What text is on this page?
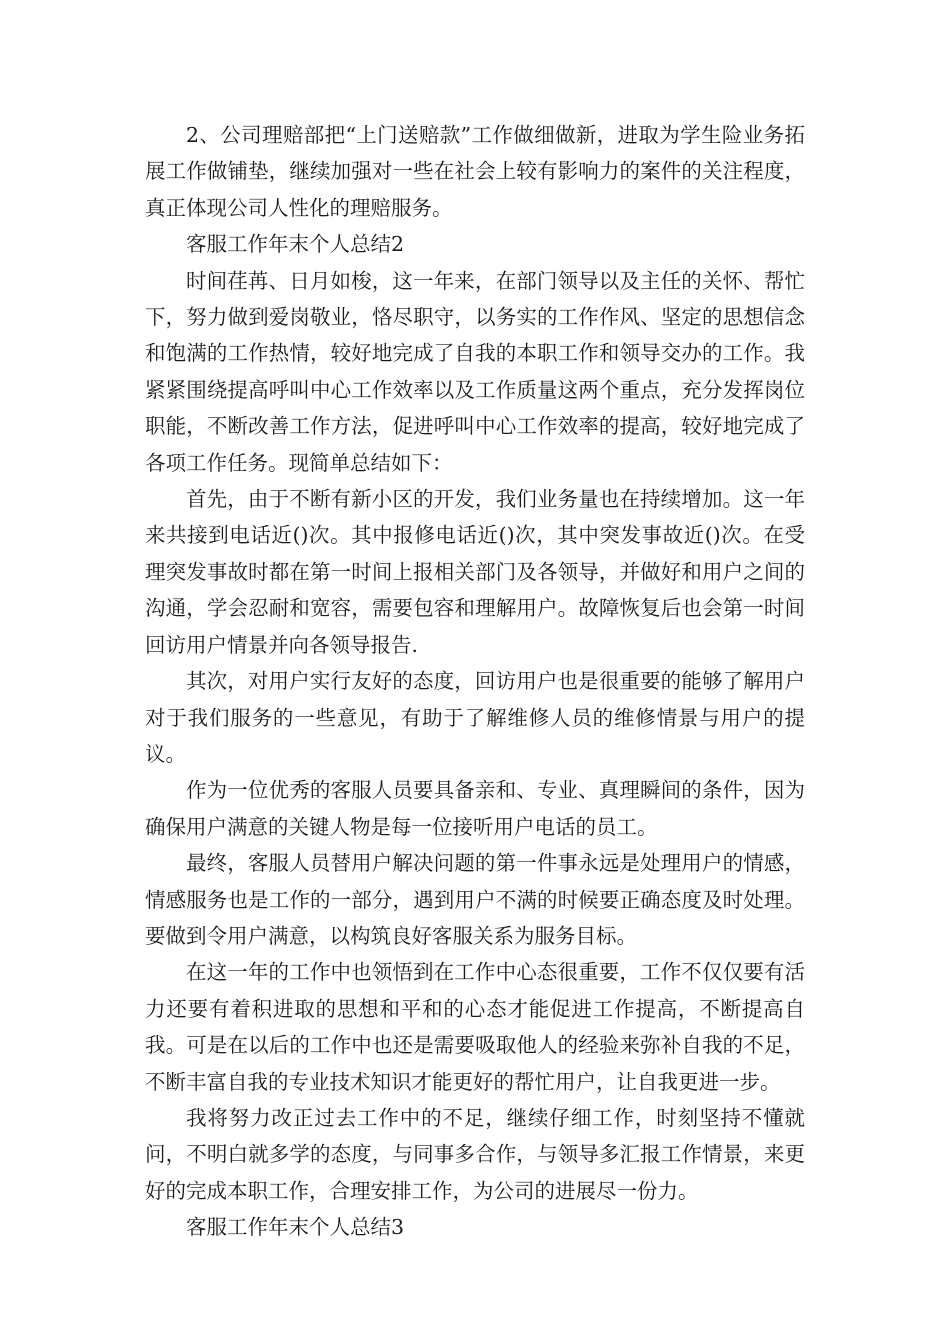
2、公司理赔部把“上门送赔款”工作做细做新，进取为学生险业务拓展工作做铺垫，继续加强对一些在社会上较有影响力的案件的关注程度，真正体现公司人性化的理赔服务。

客服工作年末个人总结2

时间荏苒、日月如梭，这一年来，在部门领导以及主任的关怀、帮忙下，努力做到爱岗敬业，恪尽职守，以务实的工作作风、坚定的思想信念和饱满的工作热情，较好地完成了自我的本职工作和领导交办的工作。我紧紧围绕提高呼叫中心工作效率以及工作质量这两个重点，充分发挥岗位职能，不断改善工作方法，促进呼叫中心工作效率的提高，较好地完成了各项工作任务。现简单总结如下：

首先，由于不断有新小区的开发，我们业务量也在持续增加。这一年来共接到电话近()次。其中报修电话近()次，其中突发事故近()次。在受理突发事故时都在第一时间上报相关部门及各领导，并做好和用户之间的沟通，学会忍耐和宽容，需要包容和理解用户。故障恢复后也会第一时间回访用户情景并向各领导报告.

其次，对用户实行友好的态度，回访用户也是很重要的能够了解用户对于我们服务的一些意见，有助于了解维修人员的维修情景与用户的提议。

作为一位优秀的客服人员要具备亲和、专业、真理瞬间的条件，因为确保用户满意的关键人物是每一位接听用户电话的员工。

最终，客服人员替用户解决问题的第一件事永远是处理用户的情感，情感服务也是工作的一部分，遇到用户不满的时候要正确态度及时处理。要做到令用户满意，以构筑良好客服关系为服务目标。

在这一年的工作中也领悟到在工作中心态很重要，工作不仅仅要有活力还要有着积进取的思想和平和的心态才能促进工作提高，不断提高自我。可是在以后的工作中也还是需要吸取他人的经验来弥补自我的不足，不断丰富自我的专业技术知识才能更好的帮忙用户，让自我更进一步。

我将努力改正过去工作中的不足，继续仔细工作，时刻坚持不懂就问，不明白就多学的态度，与同事多合作，与领导多汇报工作情景，来更好的完成本职工作，合理安排工作，为公司的进展尽一份力。

客服工作年末个人总结3
